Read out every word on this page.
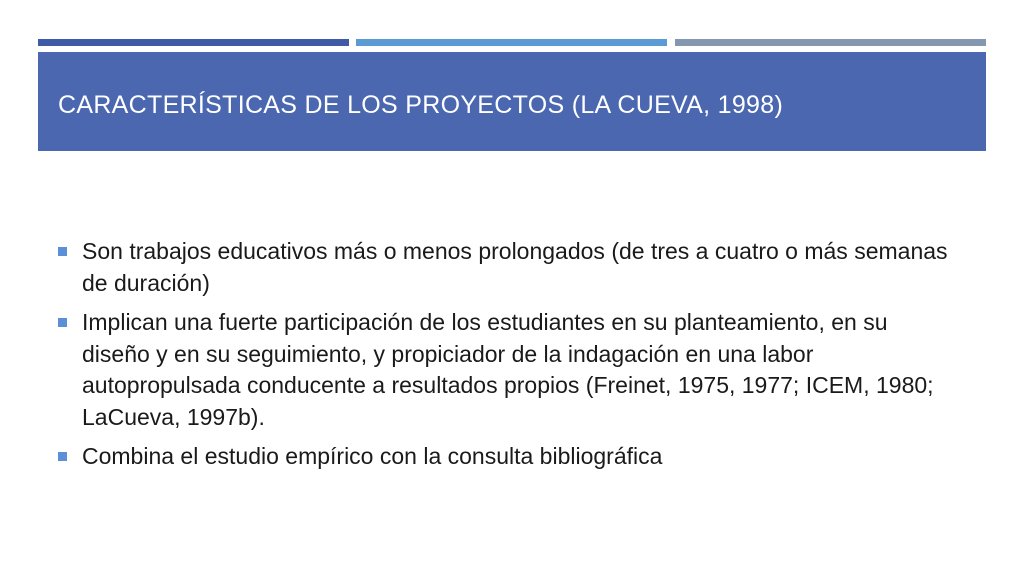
CARACTERÍSTICAS DE LOS PROYECTOS (LA CUEVA, 1998)
Son trabajos educativos más o menos prolongados (de tres a cuatro o más semanas de duración)
Implican una fuerte participación de los estudiantes en su planteamiento, en su diseño y en su seguimiento, y propiciador de la indagación en una labor autopropulsada conducente a resultados propios (Freinet, 1975, 1977; ICEM, 1980; LaCueva, 1997b).
Combina el estudio empírico con la consulta bibliográfica
